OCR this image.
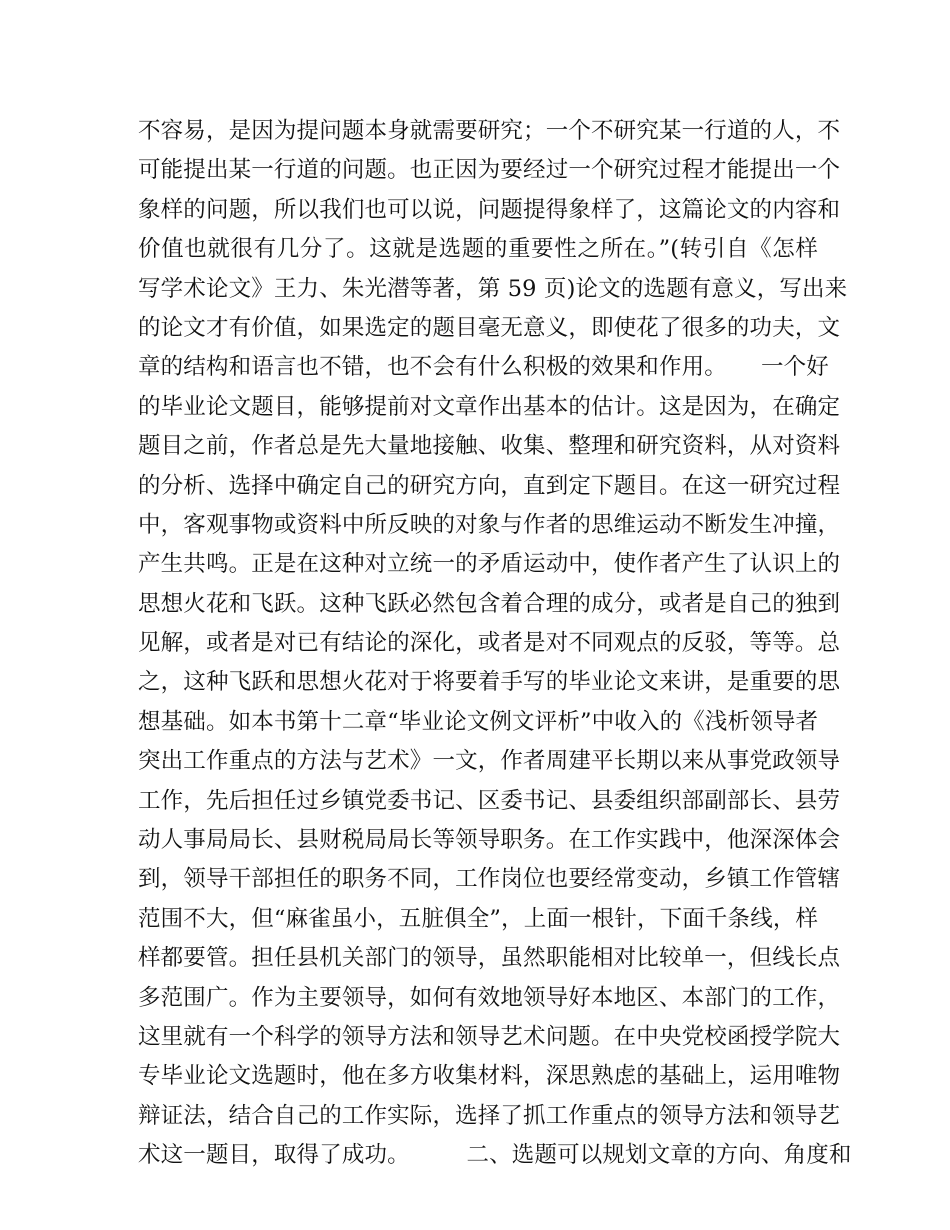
不容易，是因为提问题本身就需要研究；一个不研究某一行道的人，不
可能提出某一行道的问题。也正因为要经过一个研究过程才能提出一个
象样的问题，所以我们也可以说，问题提得象样了，这篇论文的内容和
价值也就很有几分了。这就是选题的重要性之所在。”(转引自《怎样
写学术论文》王力、朱光潜等著，第 59 页)论文的选题有意义，写出来
的论文才有价值，如果选定的题目毫无意义，即使花了很多的功夫，文
章的结构和语言也不错，也不会有什么积极的效果和作用。　　一个好
的毕业论文题目，能够提前对文章作出基本的估计。这是因为，在确定
题目之前，作者总是先大量地接触、收集、整理和研究资料，从对资料
的分析、选择中确定自己的研究方向，直到定下题目。在这一研究过程
中，客观事物或资料中所反映的对象与作者的思维运动不断发生冲撞，
产生共鸣。正是在这种对立统一的矛盾运动中，使作者产生了认识上的
思想火花和飞跃。这种飞跃必然包含着合理的成分，或者是自己的独到
见解，或者是对已有结论的深化，或者是对不同观点的反驳，等等。总
之，这种飞跃和思想火花对于将要着手写的毕业论文来讲，是重要的思
想基础。如本书第十二章“毕业论文例文评析”中收入的《浅析领导者
突出工作重点的方法与艺术》一文，作者周建平长期以来从事党政领导
工作，先后担任过乡镇党委书记、区委书记、县委组织部副部长、县劳
动人事局局长、县财税局局长等领导职务。在工作实践中，他深深体会
到，领导干部担任的职务不同，工作岗位也要经常变动，乡镇工作管辖
范围不大，但“麻雀虽小，五脏俱全”，上面一根针，下面千条线，样
样都要管。担任县机关部门的领导，虽然职能相对比较单一，但线长点
多范围广。作为主要领导，如何有效地领导好本地区、本部门的工作，
这里就有一个科学的领导方法和领导艺术问题。在中央党校函授学院大
专毕业论文选题时，他在多方收集材料，深思熟虑的基础上，运用唯物
辩证法，结合自己的工作实际，选择了抓工作重点的领导方法和领导艺
术这一题目，取得了成功。　　　二、选题可以规划文章的方向、角度和
